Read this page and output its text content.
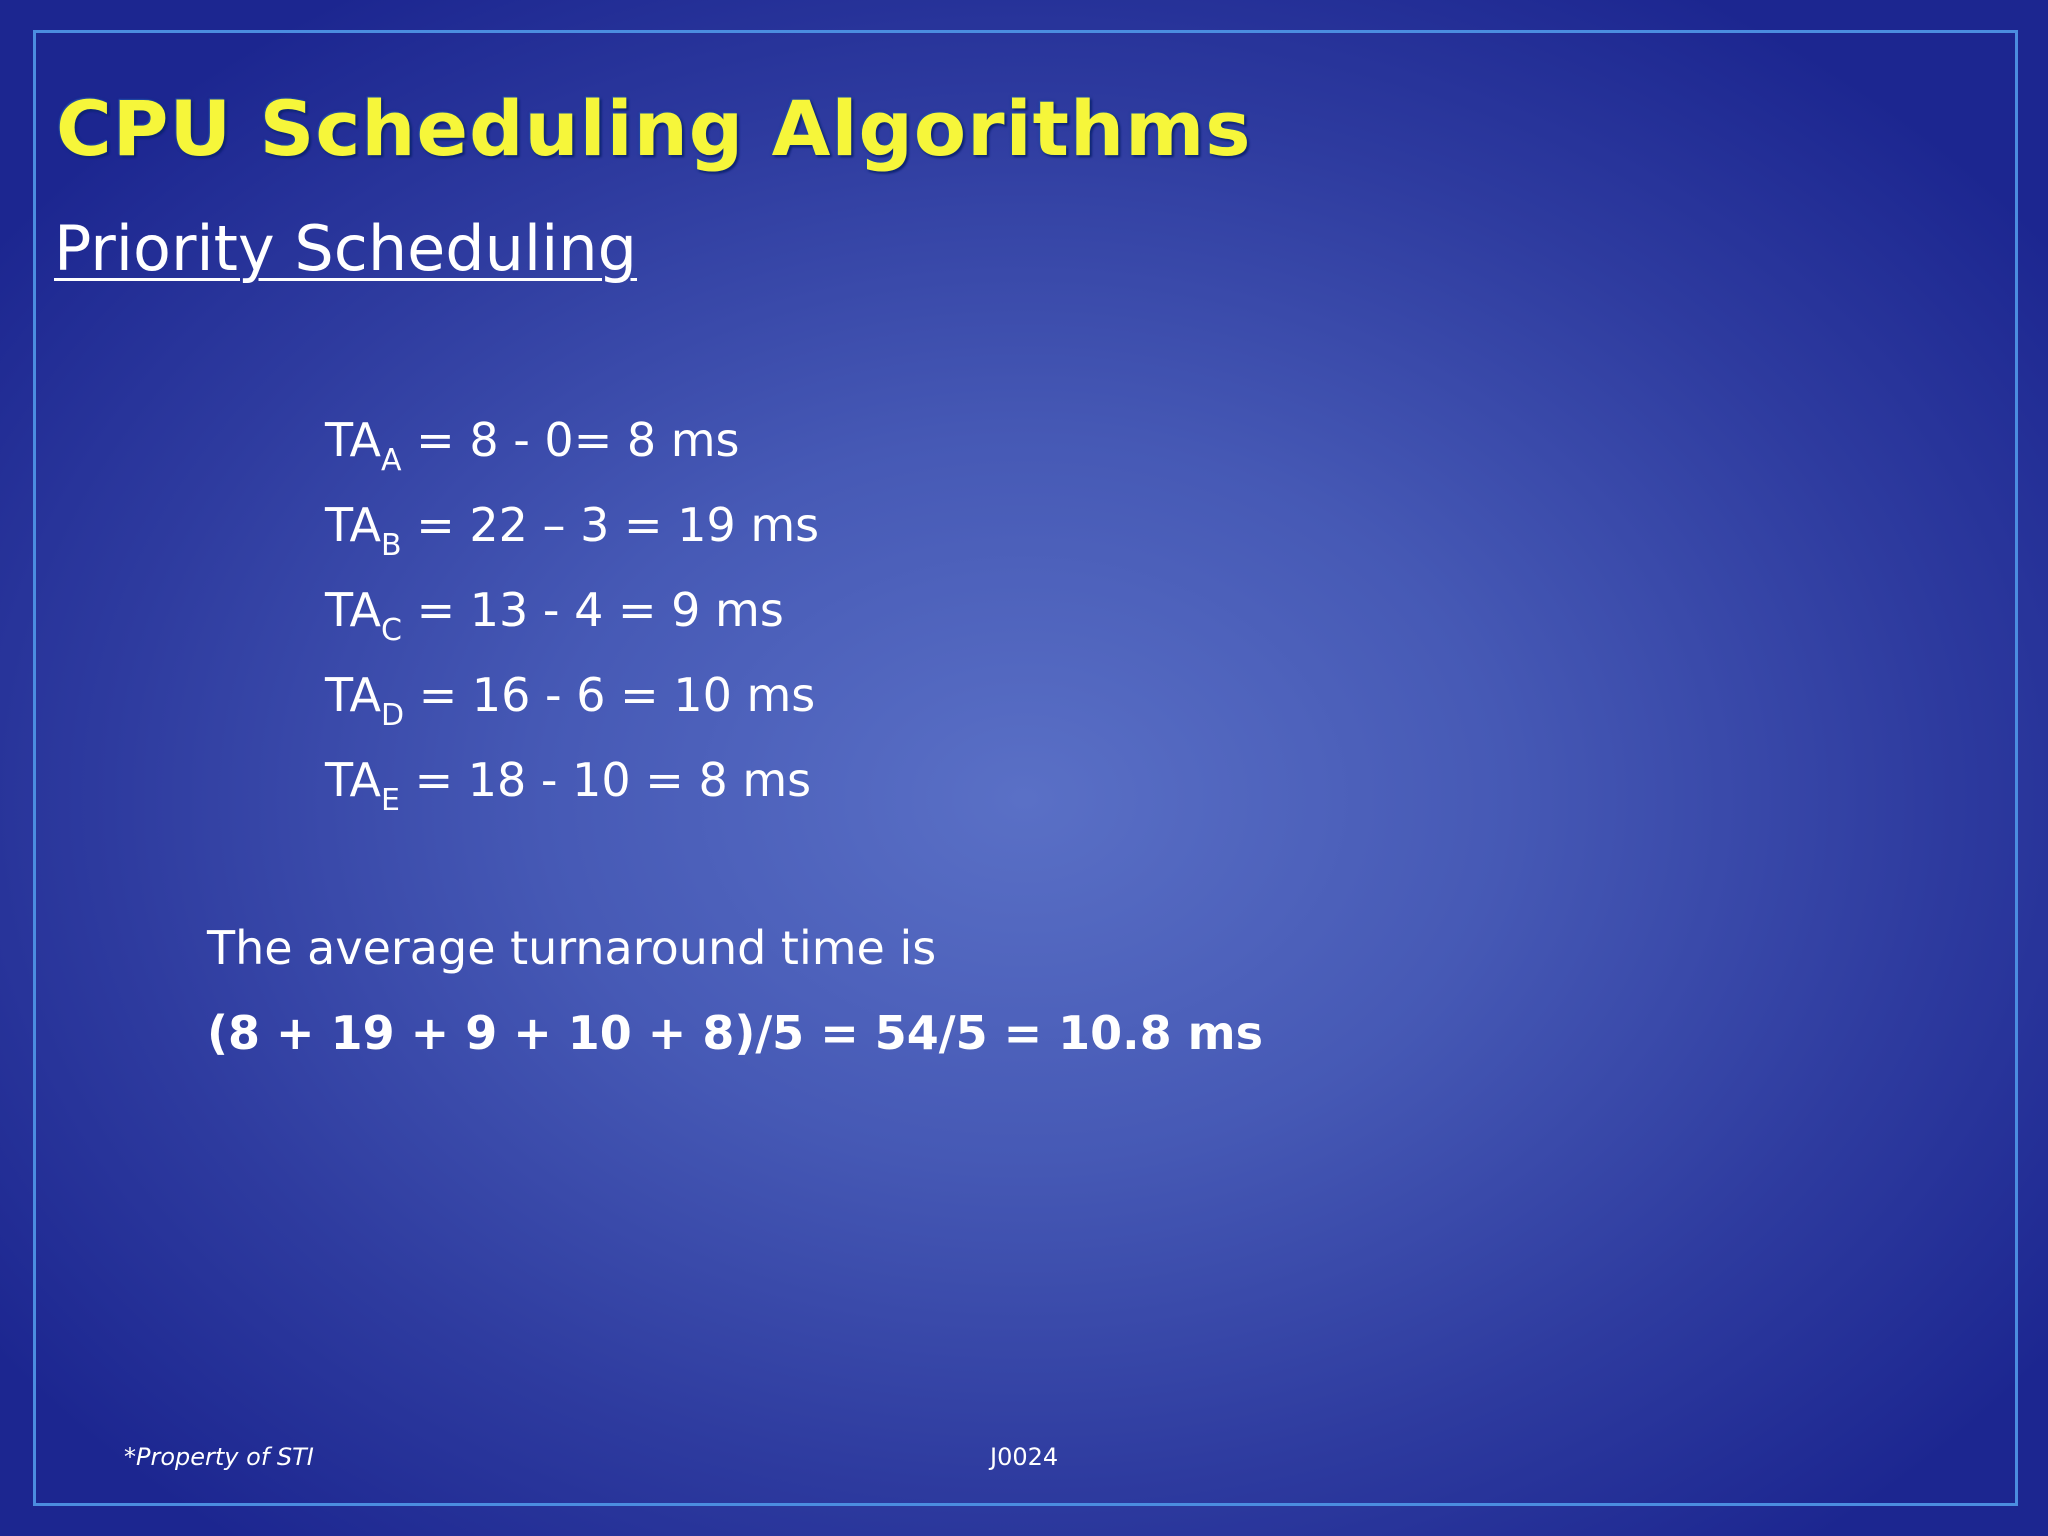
CPU Scheduling Algorithms
Priority Scheduling
$TA_A = 8 - 0= 8$ ms
$TA_B = 22 - 3 = 19$ ms
$TA_C = 13 - 4 = 9$ ms
$TA_D = 16 - 6 = 10$ ms
$TA_E = 18 - 10 = 8$ ms
The average turnaround time is
(8 + 19 + 9 + 10 + 8)/5 = 54/5 = 10.8 ms
*Property of STI	J0024
